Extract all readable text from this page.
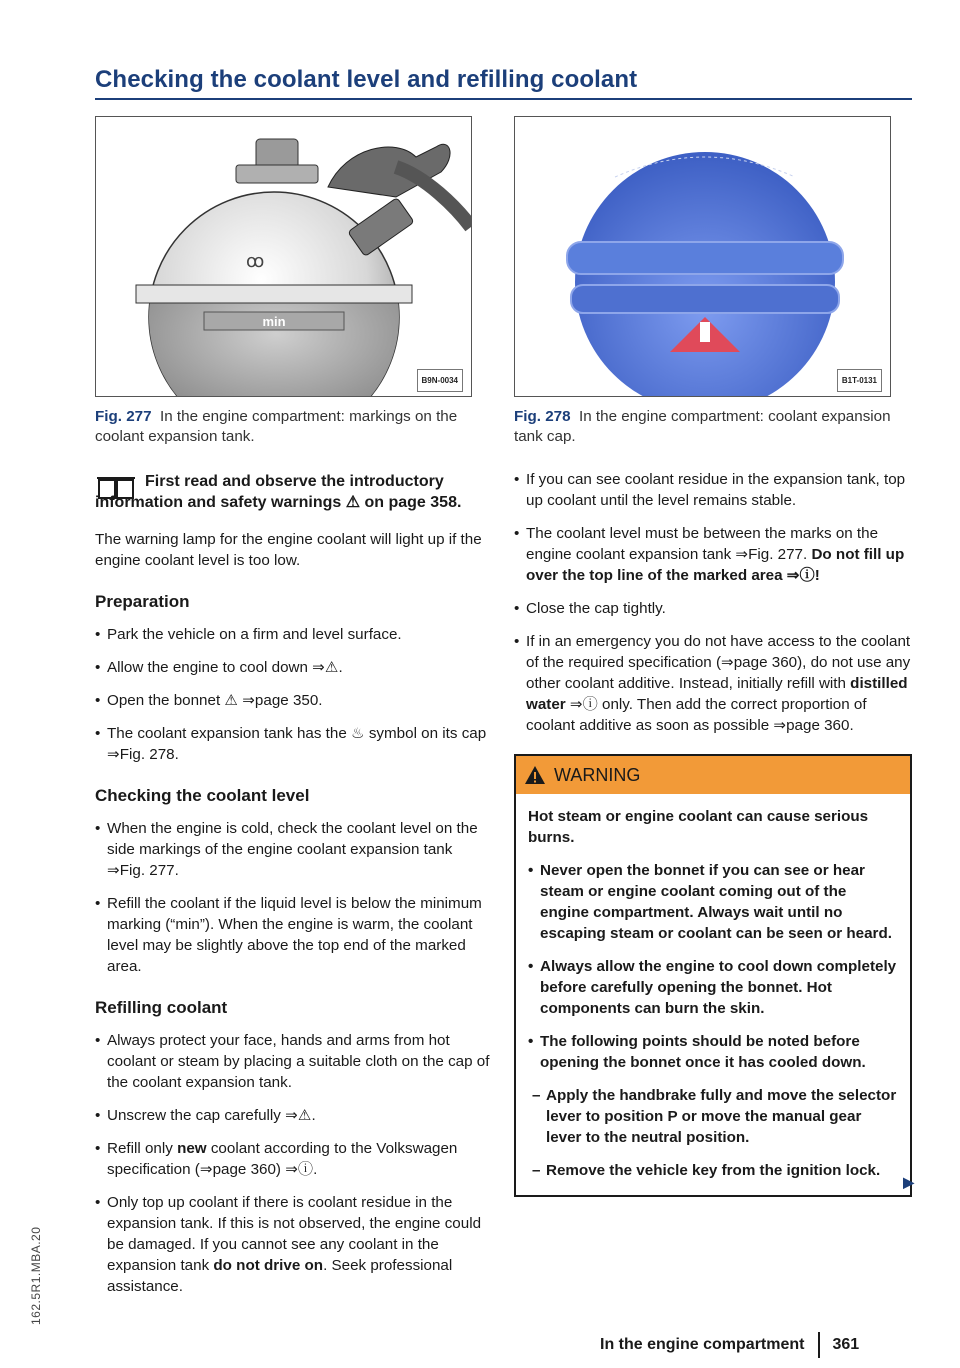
Checking the coolant level and refilling coolant
ꝏ
min
B9N-0034

Fig. 277 In the engine compartment: markings on the coolant expansion tank.

First read and observe the introductory information and safety warnings ⚠ on page 358.

The warning lamp for the engine coolant will light up if the engine coolant level is too low.

Preparation

• Park the vehicle on a firm and level surface.

• Allow the engine to cool down ⇒⚠.

• Open the bonnet ⚠ ⇒page 350.

• The coolant expansion tank has the ♨ symbol on its cap ⇒Fig. 278.

Checking the coolant level

• When the engine is cold, check the coolant level on the side markings of the engine coolant expansion tank ⇒Fig. 277.

• Refill the coolant if the liquid level is below the minimum marking (“min”). When the engine is warm, the coolant level may be slightly above the top end of the marked area.

Refilling coolant

• Always protect your face, hands and arms from hot coolant or steam by placing a suitable cloth on the cap of the coolant expansion tank.

• Unscrew the cap carefully ⇒⚠.

• Refill only new coolant according to the Volkswagen specification (⇒page 360) ⇒ⓘ.

• Only top up coolant if there is coolant residue in the expansion tank. If this is not observed, the engine could be damaged. If you cannot see any coolant in the expansion tank do not drive on. Seek professional assistance.

B1T-0131

Fig. 278 In the engine compartment: coolant expansion tank cap.

• If you can see coolant residue in the expansion tank, top up coolant until the level remains stable.

• The coolant level must be between the marks on the engine coolant expansion tank ⇒Fig. 277. Do not fill up over the top line of the marked area ⇒ⓘ!

• Close the cap tightly.

• If in an emergency you do not have access to the coolant of the required specification (⇒page 360), do not use any other coolant additive. Instead, initially refill with distilled water ⇒ⓘ only. Then add the correct proportion of coolant additive as soon as possible ⇒page 360.

WARNING

Hot steam or engine coolant can cause serious burns.

• Never open the bonnet if you can see or hear steam or engine coolant coming out of the engine compartment. Always wait until no escaping steam or coolant can be seen or heard.

• Always allow the engine to cool down completely before carefully opening the bonnet. Hot components can burn the skin.

• The following points should be noted before opening the bonnet once it has cooled down.

– Apply the handbrake fully and move the selector lever to position P or move the manual gear lever to the neutral position.

– Remove the vehicle key from the ignition lock.

▶
In the engine compartment 361
162.5R1.MBA.20
